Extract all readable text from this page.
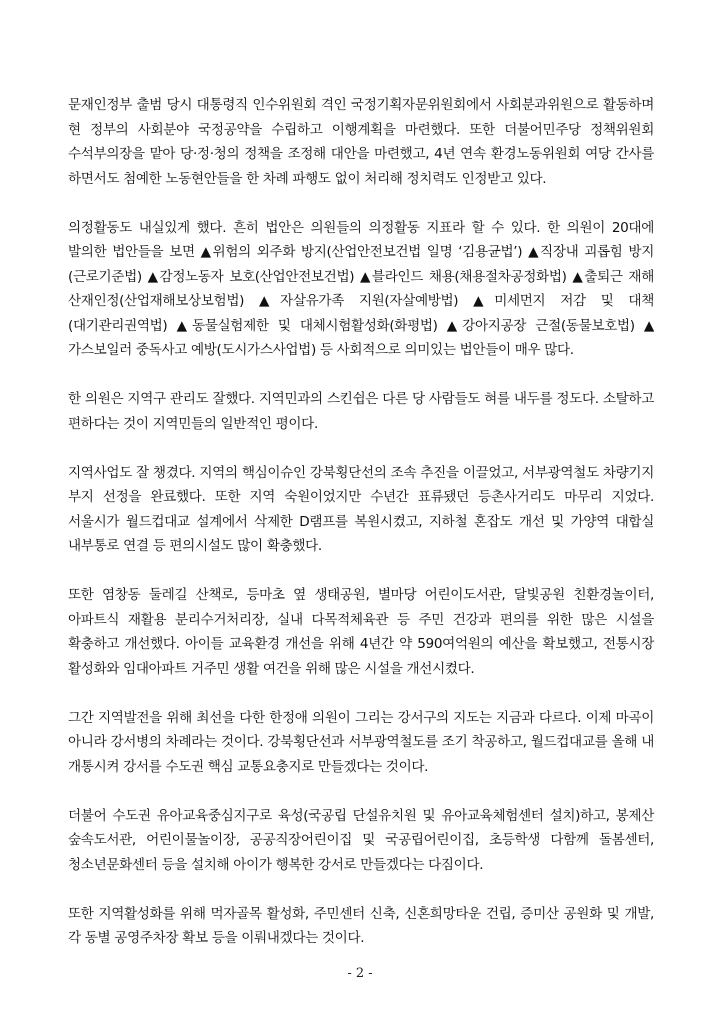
문재인정부 출범 당시 대통령직 인수위원회 격인 국정기획자문위원회에서 사회분과위원으로 활동하며 현 정부의 사회분야 국정공약을 수립하고 이행계획을 마련했다. 또한 더불어민주당 정책위원회 수석부의장을 맡아 당·정·청의 정책을 조정해 대안을 마련했고, 4년 연속 환경노동위원회 여당 간사를 하면서도 첨예한 노동현안들을 한 차례 파행도 없이 처리해 정치력도 인정받고 있다.

의정활동도 내실있게 했다. 흔히 법안은 의원들의 의정활동 지표라 할 수 있다. 한 의원이 20대에 발의한 법안들을 보면 ▲위험의 외주화 방지(산업안전보건법 일명 ‘김용균법’) ▲직장내 괴롭힘 방지(근로기준법) ▲감정노동자 보호(산업안전보건법) ▲블라인드 채용(채용절차공정화법) ▲출퇴근 재해 산재인정(산업재해보상보험법) ▲자살유가족 지원(자살예방법) ▲미세먼지 저감 및 대책(대기관리권역법) ▲동물실험제한 및 대체시험활성화(화평법) ▲강아지공장 근절(동물보호법) ▲가스보일러 중독사고 예방(도시가스사업법) 등 사회적으로 의미있는 법안들이 매우 많다.

한 의원은 지역구 관리도 잘했다. 지역민과의 스킨쉽은 다른 당 사람들도 혀를 내두를 정도다. 소탈하고 편하다는 것이 지역민들의 일반적인 평이다.

지역사업도 잘 챙겼다. 지역의 핵심이슈인 강북횡단선의 조속 추진을 이끌었고, 서부광역철도 차량기지 부지 선정을 완료했다. 또한 지역 숙원이었지만 수년간 표류됐던 등촌사거리도 마무리 지었다. 서울시가 월드컵대교 설계에서 삭제한 D램프를 복원시켰고, 지하철 혼잡도 개선 및 가양역 대합실 내부통로 연결 등 편의시설도 많이 확충했다.

또한 염창동 둘레길 산책로, 등마초 옆 생태공원, 별마당 어린이도서관, 달빛공원 친환경놀이터, 아파트식 재활용 분리수거처리장, 실내 다목적체육관 등 주민 건강과 편의를 위한 많은 시설을 확충하고 개선했다. 아이들 교육환경 개선을 위해 4년간 약 590여억원의 예산을 확보했고, 전통시장 활성화와 임대아파트 거주민 생활 여건을 위해 많은 시설을 개선시켰다.

그간 지역발전을 위해 최선을 다한 한정애 의원이 그리는 강서구의 지도는 지금과 다르다. 이제 마곡이 아니라 강서병의 차례라는 것이다. 강북횡단선과 서부광역철도를 조기 착공하고, 월드컵대교를 올해 내 개통시켜 강서를 수도권 핵심 교통요충지로 만들겠다는 것이다.

더불어 수도권 유아교육중심지구로 육성(국공립 단설유치원 및 유아교육체험센터 설치)하고, 봉제산 숲속도서관, 어린이물놀이장, 공공직장어린이집 및 국공립어린이집, 초등학생 다함께 돌봄센터, 청소년문화센터 등을 설치해 아이가 행복한 강서로 만들겠다는 다짐이다.

또한 지역활성화를 위해 먹자골목 활성화, 주민센터 신축, 신혼희망타운 건립, 증미산 공원화 및 개발, 각 동별 공영주차장 확보 등을 이뤄내겠다는 것이다.

- 2 -
